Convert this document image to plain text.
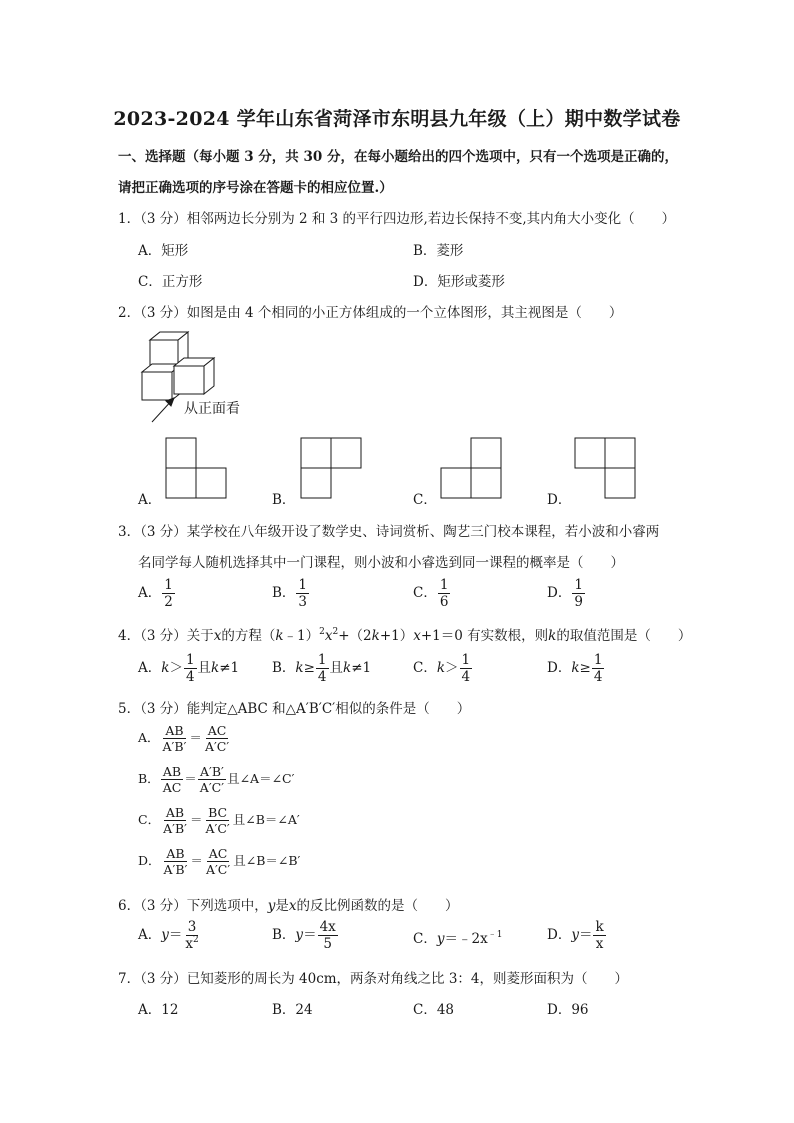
2023-2024 学年山东省菏泽市东明县九年级（上）期中数学试卷
一、选择题（每小题 3 分，共 30 分，在每小题给出的四个选项中，只有一个选项是正确的，
请把正确选项的序号涂在答题卡的相应位置.）
1．（3 分）相邻两边长分别为 2 和 3 的平行四边形,若边长保持不变,其内角大小变化（　　）
A．矩形	B．菱形
C．正方形	D．矩形或菱形
2．（3 分）如图是由 4 个相同的小正方体组成的一个立体图形，其主视图是（　　）
从正面看
A．	B．	C．	D．
3．（3 分）某学校在八年级开设了数学史、诗词赏析、陶艺三门校本课程，若小波和小睿两
名同学每人随机选择其中一门课程，则小波和小睿选到同一课程的概率是（　　）
A． $\frac{1}{2}$	B． $\frac{1}{3}$	C． $\frac{1}{6}$	D． $\frac{1}{9}$
4．（3 分）关于x的方程$(k﹣1)^2x^2+(2k+1)x+1=0$ 有实数根，则k的取值范围是（　　）
A．$k> \frac{1}{4}$ 且k≠1 B．$k\ge \frac{1}{4}$ 且k≠1	C．$k> \frac{1}{4}$	D．$k\ge \frac{1}{4}$
5．（3 分）能判定△ABC 和△A′B′C′相似的条件是（　　）
A． $\frac{AB}{A'B'} = \frac{AC}{A'C'}$
B． $\frac{AB}{AC} = \frac{A'B'}{A'C'}$ 且∠A＝∠C′
C． $\frac{AB}{A'B'} = \frac{BC}{A'C'}$ 且∠B＝∠A′
D． $\frac{AB}{A'B'} = \frac{AC}{A'C'}$ 且∠B＝∠B′
6．（3 分）下列选项中，y是x的反比例函数的是（　　）
A．$y= \frac{3}{x^2}$	B．$y= \frac{4x}{5}$	C．$y=﹣2x^{﹣1}$	D．$y= \frac{k}{x}$
7．（3 分）已知菱形的周长为 40cm，两条对角线之比 3：4，则菱形面积为（　　）
A．12	B．24	C．48	D．96
